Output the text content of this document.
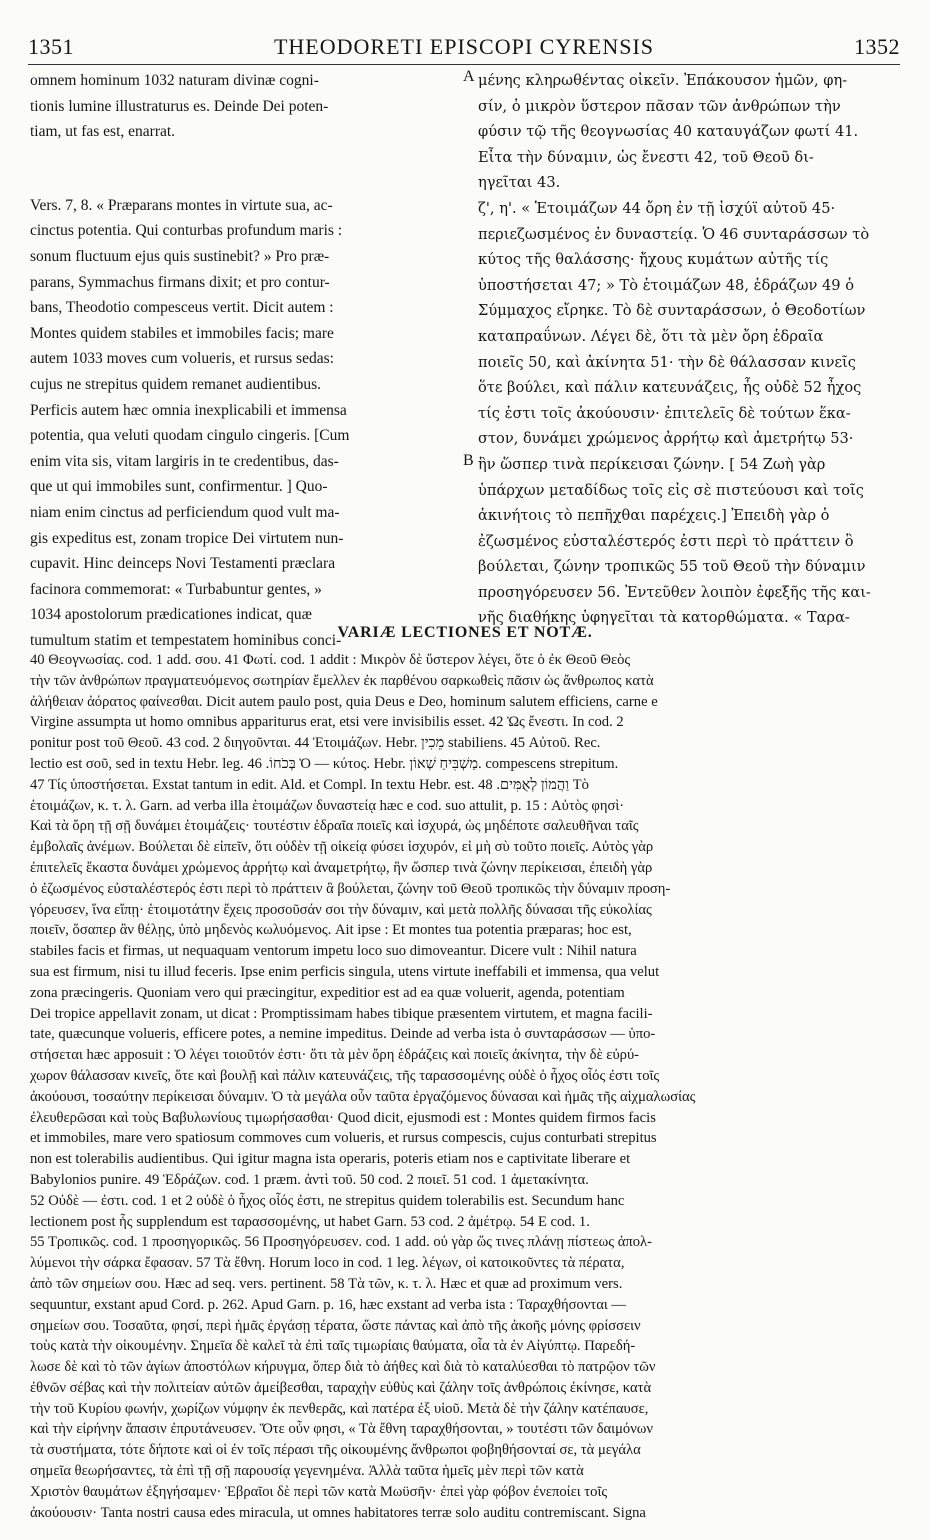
1351	THEODORETI EPISCOPI CYRENSIS	1352
omnem hominum 1032 naturam divinæ cogni-
tionis lumine illustraturus es. Deinde Dei poten-
tiam, ut fas est, enarrat.
Vers. 7, 8. « Præparans montes in virtute sua, ac-
cinctus potentia. Qui conturbas profundum maris :
sonum fluctuum ejus quis sustinebit? » Pro præ-
parans, Symmachus firmans dixit; et pro contur-
bans, Theodotio compesceus vertit. Dicit autem :
Montes quidem stabiles et immobiles facis; mare
autem 1033 moves cum volueris, et rursus sedas:
cujus ne strepitus quidem remanet audientibus.
Perficis autem hæc omnia inexplicabili et immensa
potentia, qua veluti quodam cingulo cingeris. [Cum
enim vita sis, vitam largiris in te credentibus, das-
que ut qui immobiles sunt, confirmentur. ] Quo-
niam enim cinctus ad perficiendum quod vult ma-
gis expeditus est, zonam tropice Dei virtutem nun-
cupavit. Hinc deinceps Novi Testamenti præclara
facinora commemorat: « Turbabuntur gentes, »
1034 apostolorum prædicationes indicat, quæ
tumultum statim et tempestatem hominibus conci-
A
B
μένης κληρωθέντας οἰκεῖν. Ἐπάκουσον ἡμῶν, φη-
σίν, ὁ μικρὸν ὕστερον πᾶσαν τῶν ἀνθρώπων τὴν
φύσιν τῷ τῆς θεογνωσίας 40 καταυγάζων φωτί 41.
Εἶτα τὴν δύναμιν, ὡς ἔνεστι 42, τοῦ Θεοῦ δι-
ηγεῖται 43.
ζ', η'. « Ἑτοιμάζων 44 ὄρη ἐν τῇ ἰσχύϊ αὐτοῦ 45·
περιεζωσμένος ἐν δυναστείᾳ. Ὁ 46 συνταράσσων τὸ
κύτος τῆς θαλάσσης· ἤχους κυμάτων αὐτῆς τίς
ὑποστήσεται 47; » Τὸ ἑτοιμάζων 48, ἑδράζων 49 ὁ
Σύμμαχος εἴρηκε. Τὸ δὲ συνταράσσων, ὁ Θεοδοτίων
καταπραΰνων. Λέγει δὲ, ὅτι τὰ μὲν ὄρη ἑδραῖα
ποιεῖς 50, καὶ ἀκίνητα 51· τὴν δὲ θάλασσαν κινεῖς
ὅτε βούλει, καὶ πάλιν κατευνάζεις, ἧς οὐδὲ 52 ἦχος
τίς ἐστι τοῖς ἀκούουσιν· ἐπιτελεῖς δὲ τούτων ἕκα-
στον, δυνάμει χρώμενος ἀρρήτῳ καὶ ἀμετρήτῳ 53·
ἣν ὥσπερ τινὰ περίκεισαι ζώνην. [ 54 Ζωὴ γὰρ
ὑπάρχων μεταδίδως τοῖς εἰς σὲ πιστεύουσι καὶ τοῖς
ἀκινήτοις τὸ πεπῆχθαι παρέχεις.] Ἐπειδὴ γὰρ ὁ
ἐζωσμένος εὐσταλέστερός ἐστι περὶ τὸ πράττειν ὃ
βούλεται, ζώνην τροπικῶς 55 τοῦ Θεοῦ τὴν δύναμιν
προσηγόρευσεν 56. Ἐντεῦθεν λοιπὸν ἐφεξῆς τῆς και-
νῆς διαθήκης ὑφηγεῖται τὰ κατορθώματα. « Ταρα-
VARIÆ LECTIONES ET NOTÆ.
40 Θεογνωσίας. cod. 1 add. σου. 41 Φωτί. cod. 1 addit : Μικρὸν δὲ ὕστερον λέγει, ὅτε ὁ ἐκ Θεοῦ Θεὸς
τὴν τῶν ἀνθρώπων πραγματευόμενος σωτηρίαν ἔμελλεν ἐκ παρθένου σαρκωθεὶς πᾶσιν ὡς ἄνθρωπος κατὰ
ἀλήθειαν ἀόρατος φαίνεσθαι. Dicit autem paulo post, quia Deus e Deo, hominum salutem efficiens, carne e
Virgine assumpta ut homo omnibus appariturus erat, etsi vere invisibilis esset. 42 Ὡς ἔνεστι. In cod. 2
ponitur post τοῦ Θεοῦ. 43 cod. 2 διηγοῦνται. 44 Ἑτοιμάζων. Hebr. מֵכִין stabiliens. 45 Αὐτοῦ. Rec.
lectio est σοῦ, sed in textu Hebr. leg. בְּכֹחוֹ. 46 Ὁ — κύτος. Hebr. מַשְׁבִּיחַ שְׁאוֹן. compescens strepitum.
47 Τίς ὑποστήσεται. Exstat tantum in edit. Ald. et Compl. In textu Hebr. est. וַהֲמוֹן לְאֻמִּים. 48 Τὸ
ἑτοιμάζων, κ. τ. λ. Garn. ad verba illa ἑτοιμάζων δυναστείᾳ hæc e cod. suo attulit, p. 15 : Αὐτὸς φησὶ·
Καὶ τὰ ὄρη τῇ σῇ δυνάμει ἑτοιμάζεις· τουτέστιν ἑδραῖα ποιεῖς καὶ ἰσχυρά, ὡς μηδέποτε σαλευθῆναι ταῖς
ἐμβολαῖς ἀνέμων. Βούλεται δὲ εἰπεῖν, ὅτι οὐδὲν τῇ οἰκείᾳ φύσει ἰσχυρόν, εἰ μὴ σὺ τοῦτο ποιεῖς. Αὐτὸς γὰρ
ἐπιτελεῖς ἕκαστα δυνάμει χρώμενος ἀρρήτῳ καὶ ἀναμετρήτῳ, ἣν ὥσπερ τινὰ ζώνην περίκεισαι, ἐπειδὴ γὰρ
ὁ ἐζωσμένος εὐσταλέστερός ἐστι περὶ τὸ πράττειν ἃ βούλεται, ζώνην τοῦ Θεοῦ τροπικῶς τὴν δύναμιν προση-
γόρευσεν, ἵνα εἴπῃ· ἑτοιμοτάτην ἔχεις προσοῦσάν σοι τὴν δύναμιν, καὶ μετὰ πολλῆς δύνασαι τῆς εὐκολίας
ποιεῖν, ὅσαπερ ἂν θέλῃς, ὑπὸ μηδενὸς κωλυόμενος. Ait ipse : Et montes tua potentia præparas; hoc est,
stabiles facis et firmas, ut nequaquam ventorum impetu loco suo dimoveantur. Dicere vult : Nihil natura
sua est firmum, nisi tu illud feceris. Ipse enim perficis singula, utens virtute ineffabili et immensa, qua velut
zona præcingeris. Quoniam vero qui præcingitur, expeditior est ad ea quæ voluerit, agenda, potentiam
Dei tropice appellavit zonam, ut dicat : Promptissimam habes tibique præsentem virtutem, et magna facili-
tate, quæcunque volueris, efficere potes, a nemine impeditus. Deinde ad verba ista ὁ συνταράσσων — ὑπο-
στήσεται hæc apposuit : Ὁ λέγει τοιοῦτόν ἐστι· ὅτι τὰ μὲν ὄρη ἑδράζεις καὶ ποιεῖς ἀκίνητα, τὴν δὲ εὐρύ-
χωρον θάλασσαν κινεῖς, ὅτε καὶ βουλῇ καὶ πάλιν κατευνάζεις, τῆς ταρασσομένης οὐδὲ ὁ ἦχος οἷός ἐστι τοῖς
ἀκούουσι, τοσαύτην περίκεισαι δύναμιν. Ὁ τὰ μεγάλα οὖν ταῦτα ἐργαζόμενος δύνασαι καὶ ἡμᾶς τῆς αἰχμαλωσίας
ἐλευθερῶσαι καὶ τοὺς Βαβυλωνίους τιμωρήσασθαι· Quod dicit, ejusmodi est : Montes quidem firmos facis
et immobiles, mare vero spatiosum commoves cum volueris, et rursus compescis, cujus conturbati strepitus
non est tolerabilis audientibus. Qui igitur magna ista operaris, poteris etiam nos e captivitate liberare et
Babylonios punire. 49 Ἑδράζων. cod. 1 præm. ἀντὶ τοῦ. 50 cod. 2 ποιεῖ. 51 cod. 1 ἀμετακίνητα.
52 Οὐδὲ — ἐστι. cod. 1 et 2 οὐδὲ ὁ ἦχος οἷός ἐστι, ne strepitus quidem tolerabilis est. Secundum hanc
lectionem post ἧς supplendum est ταρασσομένης, ut habet Garn. 53 cod. 2 ἀμέτρῳ. 54 E cod. 1.
55 Τροπικῶς. cod. 1 προσηγορικῶς. 56 Προσηγόρευσεν. cod. 1 add. οὐ γὰρ ὥς τινες πλάνῃ πίστεως ἀπολ-
λύμενοι τὴν σάρκα ἔφασαν. 57 Τὰ ἔθνη. Horum loco in cod. 1 leg. λέγων, οἱ κατοικοῦντες τὰ πέρατα,
ἀπὸ τῶν σημείων σου. Hæc ad seq. vers. pertinent. 58 Τὰ τῶν, κ. τ. λ. Hæc et quæ ad proximum vers.
sequuntur, exstant apud Cord. p. 262. Apud Garn. p. 16, hæc exstant ad verba ista : Ταραχθήσονται —
σημείων σου. Τοσαῦτα, φησί, περὶ ἡμᾶς ἐργάσῃ τέρατα, ὥστε πάντας καὶ ἀπὸ τῆς ἀκοῆς μόνης φρίσσειν
τοὺς κατὰ τὴν οἰκουμένην. Σημεῖα δὲ καλεῖ τὰ ἐπὶ ταῖς τιμωρίαις θαύματα, οἷα τὰ ἐν Αἰγύπτῳ. Παρεδή-
λωσε δὲ καὶ τὸ τῶν ἁγίων ἀποστόλων κήρυγμα, ὅπερ διὰ τὸ ἀήθες καὶ διὰ τὸ καταλύεσθαι τὸ πατρῷον τῶν
ἐθνῶν σέβας καὶ τὴν πολιτείαν αὐτῶν ἀμείβεσθαι, ταραχὴν εὐθὺς καὶ ζάλην τοῖς ἀνθρώποις ἐκίνησε, κατὰ
τὴν τοῦ Κυρίου φωνήν, χωρίζων νύμφην ἐκ πενθερᾶς, καὶ πατέρα ἐξ υἱοῦ. Μετὰ δὲ τὴν ζάλην κατέπαυσε,
καὶ τὴν εἰρήνην ἅπασιν ἐπρυτάνευσεν. Ὅτε οὖν φησι, « Τὰ ἔθνη ταραχθήσονται, » τουτέστι τῶν δαιμόνων
τὰ συστήματα, τότε δήποτε καὶ οἱ ἐν τοῖς πέρασι τῆς οἰκουμένης ἄνθρωποι φοβηθήσονταί σε, τὰ μεγάλα
σημεῖα θεωρήσαντες, τὰ ἐπὶ τῇ σῇ παρουσίᾳ γεγενημένα. Ἀλλὰ ταῦτα ἡμεῖς μὲν περὶ τῶν κατὰ
Χριστὸν θαυμάτων ἐξηγήσαμεν· Ἑβραῖοι δὲ περὶ τῶν κατὰ Μωϋσῆν· ἐπεὶ γὰρ φόβον ἐνεποίει τοῖς
ἀκούουσιν· Tanta nostri causa edes miracula, ut omnes habitatores terræ solo auditu contremiscant. Signa
